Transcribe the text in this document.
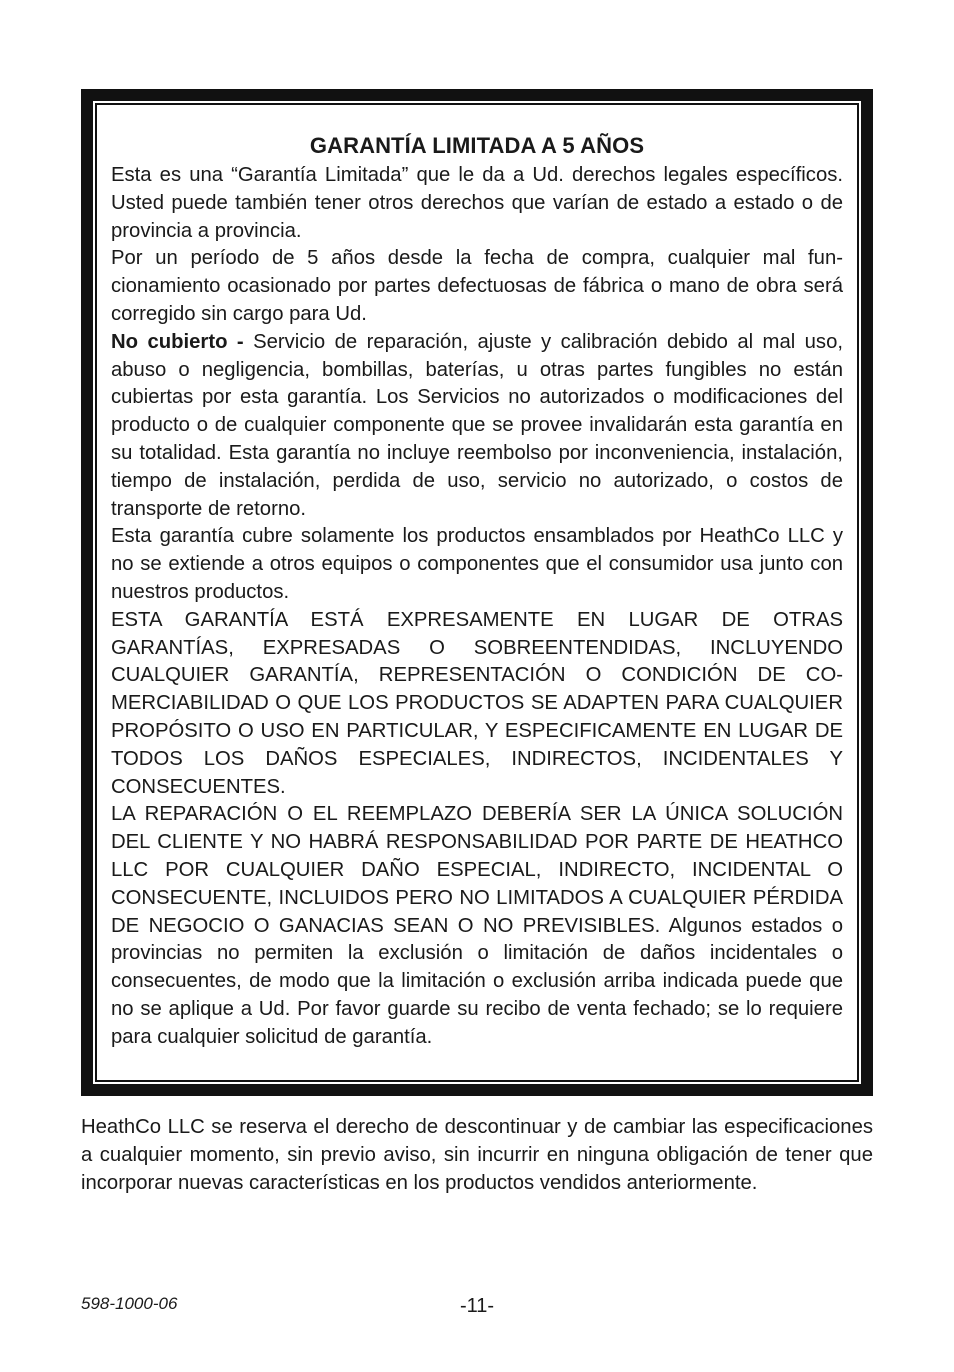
GARANTÍA LIMITADA A 5 AÑOS

Esta es una “Garantía Limitada” que le da a Ud. derechos legales específicos. Usted puede también tener otros derechos que varían de estado a estado o de provincia a provincia.

Por un período de 5 años desde la fecha de compra, cualquier mal funcionamiento ocasionado por partes defectuosas de fábrica o mano de obra será corregido sin cargo para Ud.

No cubierto - Servicio de reparación, ajuste y calibración debido al mal uso, abuso o negligencia, bombillas, baterías, u otras partes fungibles no están cubiertas por esta garantía. Los Servicios no autorizados o modificaciones del producto o de cualquier componente que se provee invalidarán esta garantía en su totalidad. Esta garantía no incluye reembolso por inconveniencia, instalación, tiempo de instalación, perdida de uso, servicio no autorizado, o costos de transporte de retorno.

Esta garantía cubre solamente los productos ensamblados por HeathCo LLC y no se extiende a otros equipos o componentes que el consumidor usa junto con nuestros productos.

ESTA GARANTÍA ESTÁ EXPRESAMENTE EN LUGAR DE OTRAS GARANTÍAS, EXPRESADAS O SOBREENTENDIDAS, INCLUYENDO CUALQUIER GARANTÍA, REPRESENTACIÓN O CONDICIÓN DE COMERCIABILIDAD O QUE LOS PRODUCTOS SE ADAPTEN PARA CUALQUIER PROPÓSITO O USO EN PARTICULAR, Y ESPECIFICAMENTE EN LUGAR DE TODOS LOS DAÑOS ESPECIALES, INDIRECTOS, INCIDENTALES Y CONSECUENTES.

LA REPARACIÓN O EL REEMPLAZO DEBERÍA SER LA ÚNICA SOLUCIÓN DEL CLIENTE Y NO HABRÁ RESPONSABILIDAD POR PARTE DE HEATHCO LLC POR CUALQUIER DAÑO ESPECIAL, INDIRECTO, INCIDENTAL O CONSECUENTE, INCLUIDOS PERO NO LIMITADOS A CUALQUIER PÉRDIDA DE NEGOCIO O GANACIAS SEAN O NO PREVISIBLES. Algunos estados o provincias no permiten la exclusión o limitación de daños incidentales o consecuentes, de modo que la limitación o exclusión arriba indicada puede que no se aplique a Ud. Por favor guarde su recibo de venta fechado; se lo requiere para cualquier solicitud de garantía.

HeathCo LLC se reserva el derecho de descontinuar y de cambiar las especificaciones a cualquier momento, sin previo aviso, sin incurrir en ninguna obligación de tener que incorporar nuevas características en los productos vendidos anteriormente.

598-1000-06	-11-
